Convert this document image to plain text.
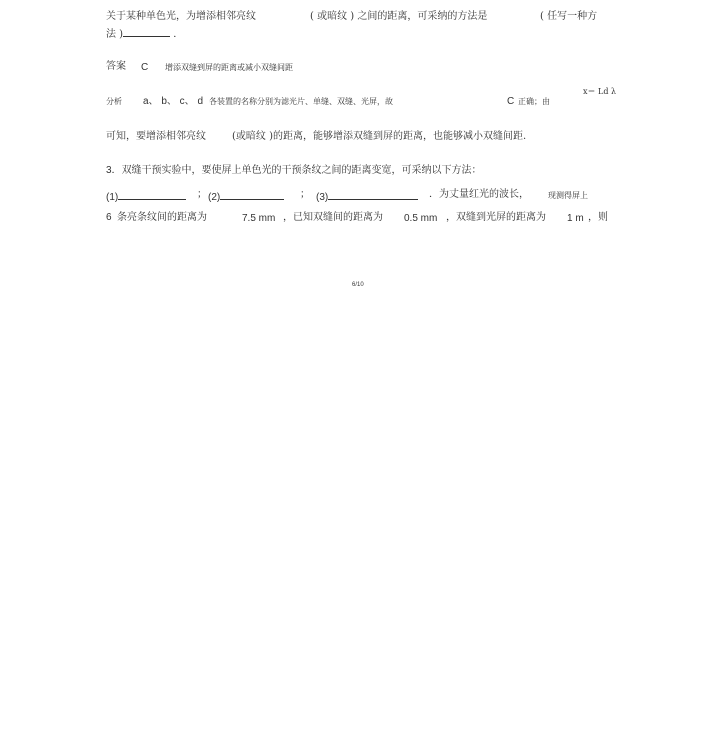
关于某种单色光，为增添相邻亮纹	( 或暗纹 ) 之间的距离，可采纳的方法是	( 任写一种方
法 )	．
答案 C 增添双缝到屏的距离或减小双缝间距
x＝ Ld λ
分析 a、 b、 c、 d 各装置的名称分别为滤光片、单缝、双缝、光屏，故	C 正确；由
可知，要增添相邻亮纹	(或暗纹 )的距离，能够增添双缝到屏的距离，也能够减小双缝间距.
3．双缝干预实验中，要使屏上单色光的干预条纹之间的距离变宽，可采纳以下方法：
(1)	； (2)	； (3)	．为丈量红光的波长， 现测得屏上
6 条亮条纹间的距离为	7.5 mm ，已知双缝间的距离为 0.5 mm ，双缝到光屏的距离为 1 m ，则
6/10
